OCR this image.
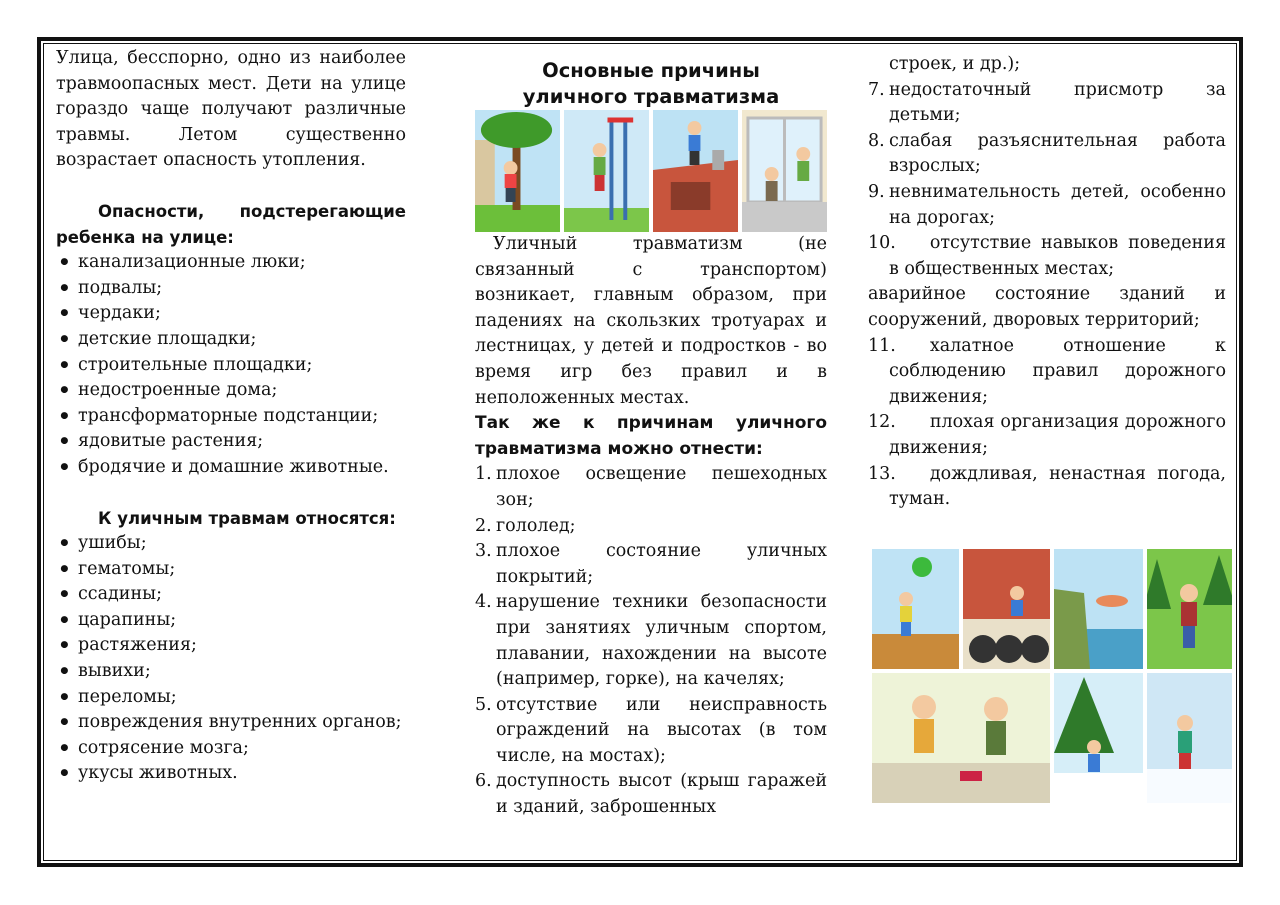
Улица, бесспорно, одно из наиболее травмоопасных мест. Дети на улице гораздо чаще получают различные травмы. Летом существенно возрастает опасность утопления.
Опасности, подстерегающие ребенка на улице:
• канализационные люки;
• подвалы;
• чердаки;
• детские площадки;
• строительные площадки;
• недостроенные дома;
• трансформаторные подстанции;
• ядовитые растения;
• бродячие и домашние животные.
К уличным травмам относятся:
• ушибы;
• гематомы;
• ссадины;
• царапины;
• растяжения;
• вывихи;
• переломы;
• повреждения внутренних органов;
• сотрясение мозга;
• укусы животных.
Основные причины
уличного травматизма
Уличный травматизм (не связанный с транспортом) возникает, главным образом, при падениях на скользких тротуарах и лестницах, у детей и подростков - во время игр без правил и в неположенных местах.
Так же к причинам уличного травматизма можно отнести:
1. плохое освещение пешеходных зон;
2. гололед;
3. плохое состояние уличных покрытий;
4. нарушение техники безопасности при занятиях уличным спортом, плавании, нахождении на высоте (например, горке), на качелях;
5. отсутствие или неисправность ограждений на высотах (в том числе, на мостах);
6. доступность высот (крыш гаражей и зданий, заброшенных
строек, и др.);
7. недостаточный присмотр за детьми;
8. слабая разъяснительная работа взрослых;
9. невнимательность детей, особенно на дорогах;
10. отсутствие навыков поведения в общественных местах;
аварийное состояние зданий и сооружений, дворовых территорий;
11. халатное отношение к соблюдению правил дорожного движения;
12. плохая организация дорожного движения;
13. дождливая, ненастная погода, туман.
